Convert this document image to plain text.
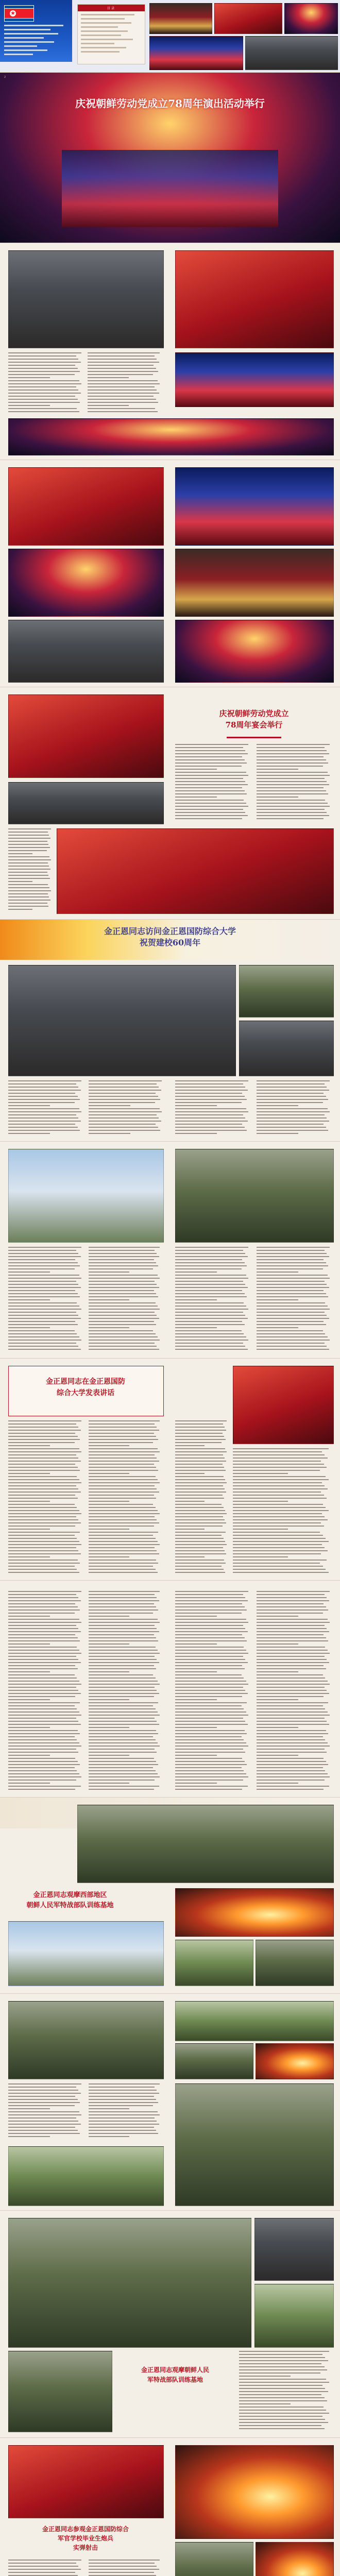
★
目录
庆祝朝鲜劳动党成立78周年演出活动举行
2
庆祝朝鲜劳动党成立
78周年宴会举行
金正恩同志访问金正恩国防综合大学
祝贺建校60周年
金正恩同志在金正恩国防
综合大学发表讲话
金正恩同志观摩西部地区
朝鲜人民军特战部队训练基地
金正恩同志观摩朝鲜人民
军特战部队训练基地
金正恩同志参观金正恩国防综合
军官学校毕业生炮兵
实弹射击
